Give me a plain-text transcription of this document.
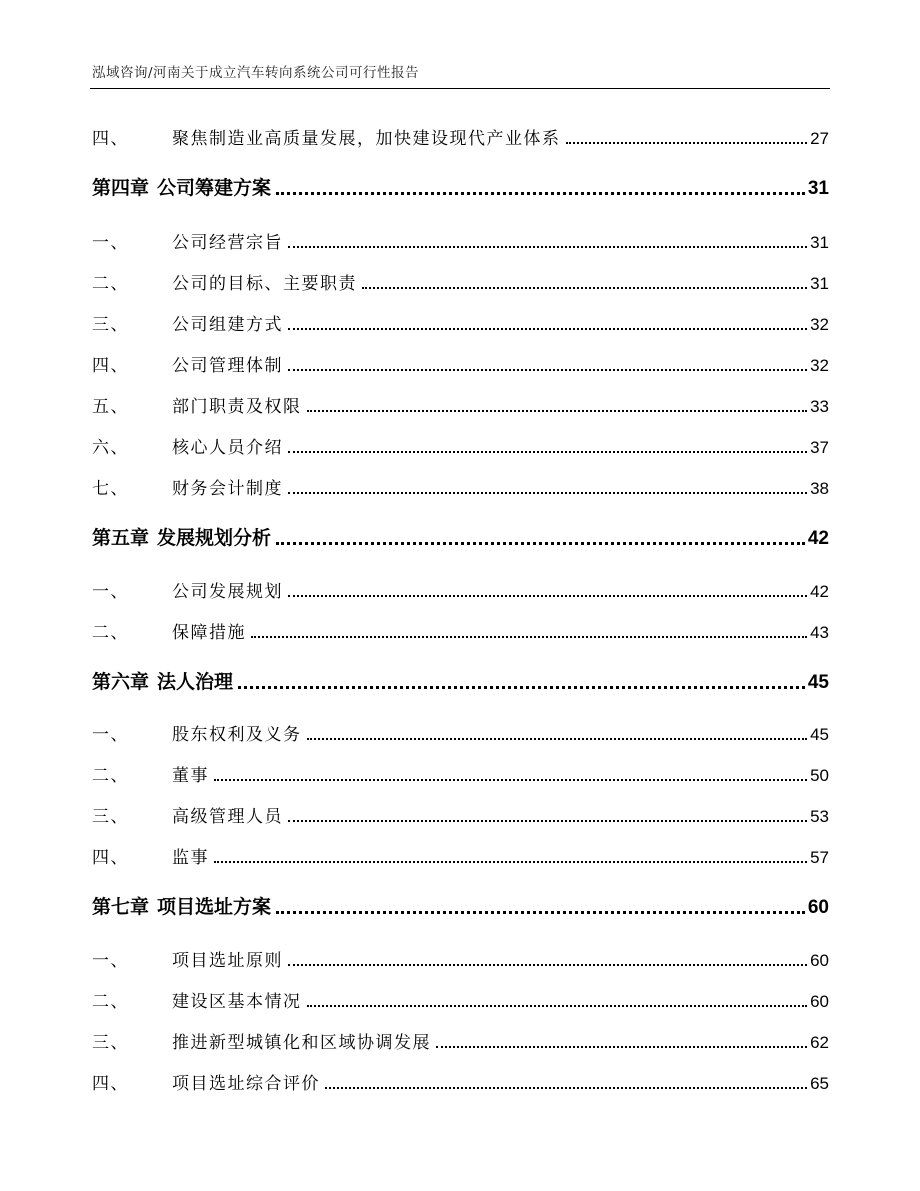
泓域咨询/河南关于成立汽车转向系统公司可行性报告
四、	聚焦制造业高质量发展，加快建设现代产业体系	27
第四章 公司筹建方案	31
一、	公司经营宗旨	31
二、	公司的目标、主要职责	31
三、	公司组建方式	32
四、	公司管理体制	32
五、	部门职责及权限	33
六、	核心人员介绍	37
七、	财务会计制度	38
第五章 发展规划分析	42
一、	公司发展规划	42
二、	保障措施	43
第六章 法人治理	45
一、	股东权利及义务	45
二、	董事	50
三、	高级管理人员	53
四、	监事	57
第七章 项目选址方案	60
一、	项目选址原则	60
二、	建设区基本情况	60
三、	推进新型城镇化和区域协调发展	62
四、	项目选址综合评价	65
